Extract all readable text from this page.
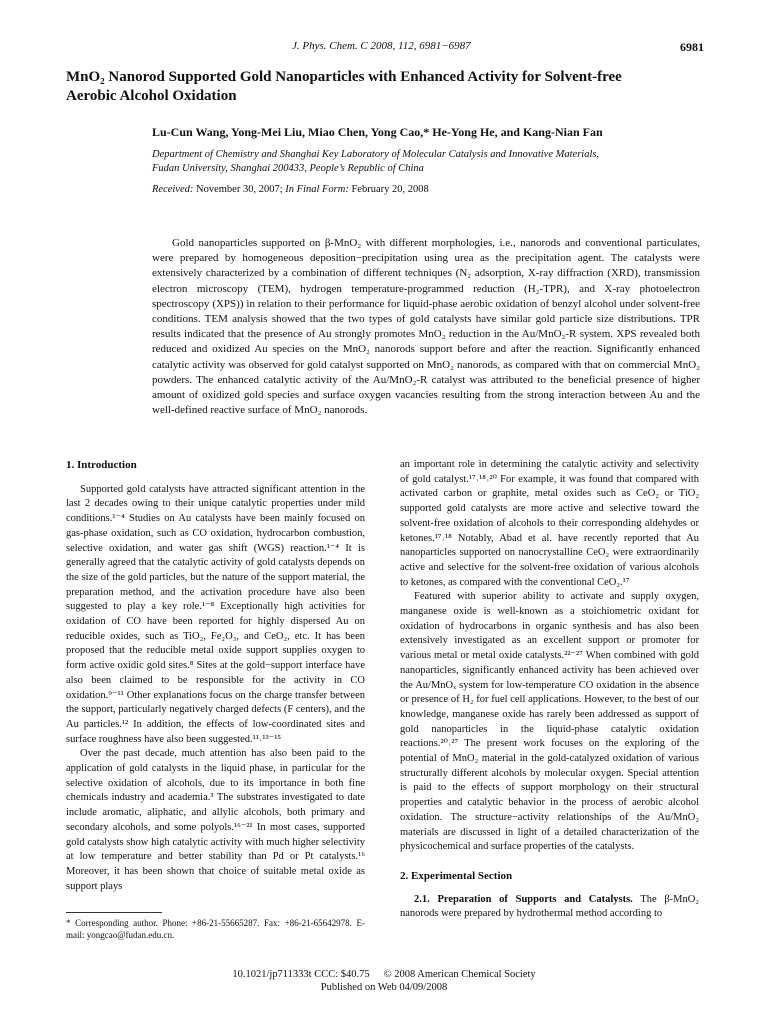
J. Phys. Chem. C 2008, 112, 6981−6987	6981
MnO₂ Nanorod Supported Gold Nanoparticles with Enhanced Activity for Solvent-free
Aerobic Alcohol Oxidation
Lu-Cun Wang, Yong-Mei Liu, Miao Chen, Yong Cao,* He-Yong He, and Kang-Nian Fan
Department of Chemistry and Shanghai Key Laboratory of Molecular Catalysis and Innovative Materials,
Fudan University, Shanghai 200433, People’s Republic of China
Received: November 30, 2007; In Final Form: February 20, 2008

Gold nanoparticles supported on β-MnO₂ with different morphologies, i.e., nanorods and conventional particulates, were prepared by homogeneous deposition−precipitation using urea as the precipitation agent. The catalysts were extensively characterized by a combination of different techniques (N₂ adsorption, X-ray diffraction (XRD), transmission electron microscopy (TEM), hydrogen temperature-programmed reduction (H₂-TPR), and X-ray photoelectron spectroscopy (XPS)) in relation to their performance for liquid-phase aerobic oxidation of benzyl alcohol under solvent-free conditions. TEM analysis showed that the two types of gold catalysts have similar gold particle size distributions. TPR results indicated that the presence of Au strongly promotes MnO₂ reduction in the Au/MnO₂-R system. XPS revealed both reduced and oxidized Au species on the MnO₂ nanorods support before and after the reaction. Significantly enhanced catalytic activity was observed for gold catalyst supported on MnO₂ nanorods, as compared with that on commercial MnO₂ powders. The enhanced catalytic activity of the Au/MnO₂-R catalyst was attributed to the beneficial presence of higher amount of oxidized gold species and surface oxygen vacancies resulting from the strong interaction between Au and the well-defined reactive surface of MnO₂ nanorods.

1. Introduction

Supported gold catalysts have attracted significant attention in the last 2 decades owing to their unique catalytic properties under mild conditions.¹⁻⁴ Studies on Au catalysts have been mainly focused on gas-phase oxidation, such as CO oxidation, hydrocarbon combustion, selective oxidation, and water gas shift (WGS) reaction.¹⁻⁴ It is generally agreed that the catalytic activity of gold catalysts depends on the size of the gold particles, but the nature of the support material, the preparation method, and the activation procedure have also been suggested to play a key role.¹⁻⁸ Exceptionally high activities for oxidation of CO have been reported for highly dispersed Au on reducible oxides, such as TiO₂, Fe₂O₃, and CeO₂, etc. It has been proposed that the reducible metal oxide support supplies oxygen to form active oxidic gold sites.⁸ Sites at the gold−support interface have also been claimed to be responsible for the activity in CO oxidation.⁹⁻¹¹ Other explanations focus on the charge transfer between the support, particularly negatively charged defects (F centers), and the Au particles.¹² In addition, the effects of low-coordinated sites and surface roughness have also been suggested.¹¹˒¹³⁻¹⁵

Over the past decade, much attention has also been paid to the application of gold catalysts in the liquid phase, in particular for the selective oxidation of alcohols, due to its importance in both fine chemicals industry and academia.³ The substrates investigated to date include aromatic, aliphatic, and allylic alcohols, both primary and secondary alcohols, and some polyols.¹⁶⁻²¹ In most cases, supported gold catalysts show high catalytic activity with much higher selectivity at low temperature and better stability than Pd or Pt catalysts.¹⁶ Moreover, it has been shown that choice of suitable metal oxide as support plays

an important role in determining the catalytic activity and selectivity of gold catalyst.¹⁷˒¹⁸˒²⁰ For example, it was found that compared with activated carbon or graphite, metal oxides such as CeO₂ or TiO₂ supported gold catalysts are more active and selective toward the solvent-free oxidation of alcohols to their corresponding aldehydes or ketones.¹⁷˒¹⁸ Notably, Abad et al. have recently reported that Au nanoparticles supported on nanocrystalline CeO₂ were extraordinarily active and selective for the solvent-free oxidation of various alcohols to ketones, as compared with the conventional CeO₂.¹⁷

Featured with superior ability to activate and supply oxygen, manganese oxide is well-known as a stoichiometric oxidant for oxidation of hydrocarbons in organic synthesis and has also been extensively investigated as an excellent support or promoter for various metal or metal oxide catalysts.²²⁻²⁷ When combined with gold nanoparticles, significantly enhanced activity has been achieved over the Au/MnOₓ system for low-temperature CO oxidation in the absence or presence of H₂ for fuel cell applications. However, to the best of our knowledge, manganese oxide has rarely been addressed as support of gold nanoparticles in the liquid-phase catalytic oxidation reactions.²⁰˒²⁷ The present work focuses on the exploring of the potential of MnO₂ material in the gold-catalyzed oxidation of various structurally different alcohols by molecular oxygen. Special attention is paid to the effects of support morphology on their structural properties and catalytic behavior in the process of aerobic alcohol oxidation. The structure−activity relationships of the Au/MnO₂ materials are discussed in light of a detailed characterization of the physicochemical and surface properties of the catalysts.

2. Experimental Section

2.1. Preparation of Supports and Catalysts. The β-MnO₂ nanorods were prepared by hydrothermal method according to

* Corresponding author. Phone: +86-21-55665287. Fax: +86-21-65642978. E-mail: yongcao@fudan.edu.cn.
10.1021/jp711333t CCC: $40.75 © 2008 American Chemical Society
Published on Web 04/09/2008
